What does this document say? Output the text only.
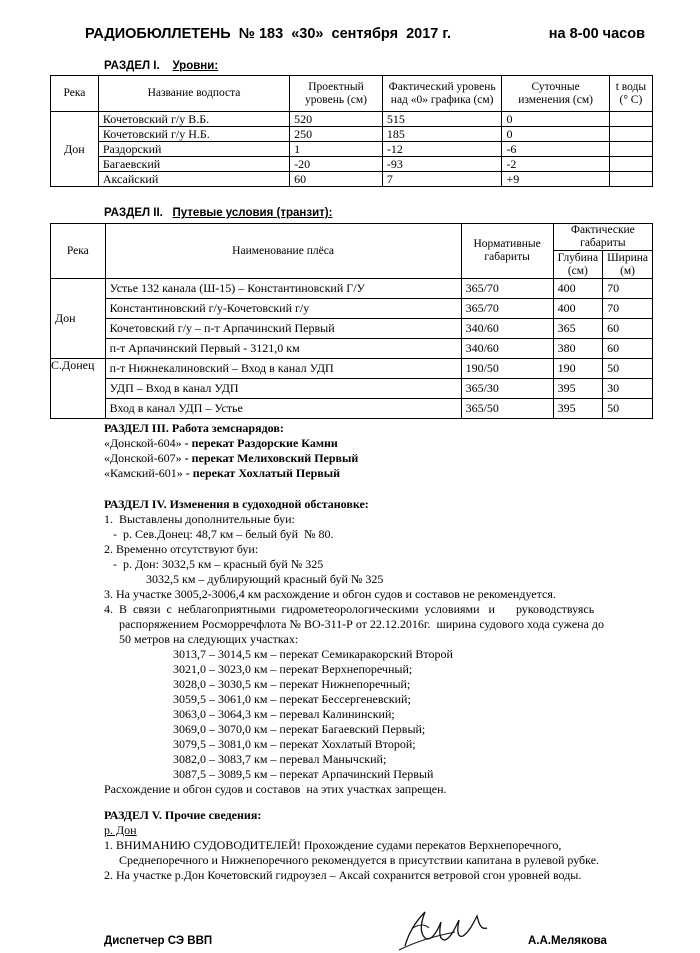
РАДИОБЮЛЛЕТЕНЬ  № 183  «30»  сентября  2017 г.	на 8-00 часов
РАЗДЕЛ I. Уровни:
Река	Название водпоста	Проектный уровень (см)	Фактический уровень над «0» графика (см)	Суточные изменения (см)	t воды (° С)
Дон	Кочетовский г/у В.Б.	520	515	0	
	Кочетовский г/у Н.Б.	250	185	0	
	Раздорский	1	-12	-6	
	Багаевский	-20	-93	-2	
	Аксайский	60	7	+9	
РАЗДЕЛ II. Путевые условия (транзит):
Река	Наименование плёса	Нормативные габариты	Фактические габариты	
			Глубина (см)	Ширина (м)
Дон	Устье 132 канала (Ш-15) – Константиновский Г/У	365/70	400	70
	Константиновский г/у-Кочетовский г/у	365/70	400	70
	Кочетовский г/у – п-т Арпачинский Первый	340/60	365	60
	п-т Арпачинский Первый - 3121,0 км	340/60	380	60
С.Донец	п-т Нижнекалиновский – Вход в канал УДП	190/50	190	50
	УДП – Вход в канал УДП	365/30	395	30
	Вход в канал УДП – Устье	365/50	395	50
РАЗДЕЛ III. Работа земснарядов:
«Донской-604» - перекат Раздорские Камни
«Донской-607» - перекат Мелиховский Первый
«Камский-601» - перекат Хохлатый Первый
РАЗДЕЛ IV. Изменения в судоходной обстановке:
1.  Выставлены дополнительные буи:
-  р. Сев.Донец: 48,7 км – белый буй  № 80.
2. Временно отсутствуют буи:
-  р. Дон: 3032,5 км – красный буй № 325
3032,5 км – дублирующий красный буй № 325
3. На участке 3005,2-3006,4 км расхождение и обгон судов и составов не рекомендуется.
4.  В  связи  с  неблагоприятными  гидрометеорологическими  условиями   и       руководствуясь
распоряжением Росморречфлота № ВО-311-Р от 22.12.2016г.  ширина судового хода сужена до
50 метров на следующих участках:
3013,7 – 3014,5 км – перекат Семикаракорский Второй
3021,0 – 3023,0 км – перекат Верхнепоречный;
3028,0 – 3030,5 км – перекат Нижнепоречный;
3059,5 – 3061,0 км – перекат Бессергеневский;
3063,0 – 3064,3 км – перевал Калининский;
3069,0 – 3070,0 км – перекат Багаевский Первый;
3079,5 – 3081,0 км – перекат Хохлатый Второй;
3082,0 – 3083,7 км – перевал Манычский;
3087,5 – 3089,5 км – перекат Арпачинский Первый
Расхождение и обгон судов и составов  на этих участках запрещен.
РАЗДЕЛ V. Прочие сведения:
р. Дон
1. ВНИМАНИЮ СУДОВОДИТЕЛЕЙ! Прохождение судами перекатов Верхнепоречного,
Среднепоречного и Нижнепоречного рекомендуется в присутствии капитана в рулевой рубке.
2. На участке р.Дон Кочетовский гидроузел – Аксай сохранится ветровой сгон уровней воды.
Диспетчер СЭ ВВП	А.А.Мелякова
